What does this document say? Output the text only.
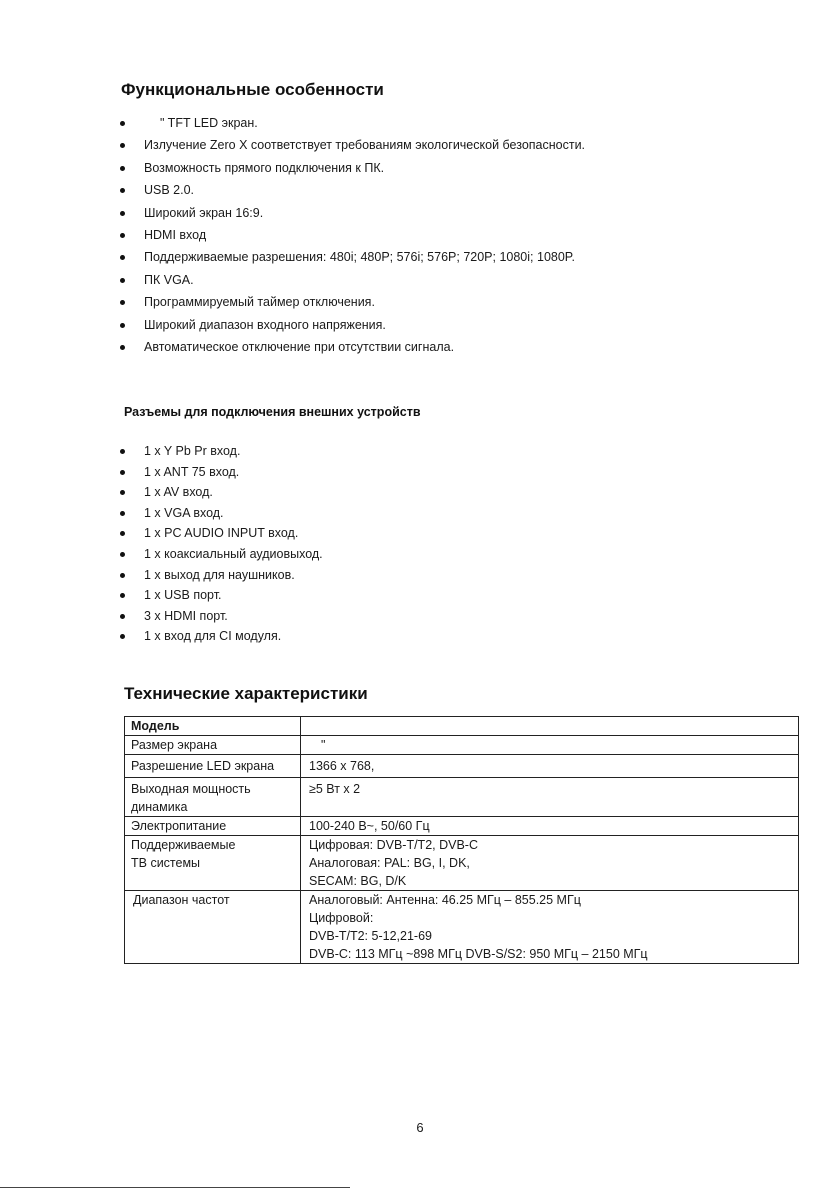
Функциональные особенности
" TFT LED экран.
Излучение Zero X соответствует требованиям экологической безопасности.
Возможность прямого подключения к ПК.
USB 2.0.
Широкий экран 16:9.
HDMI вход
Поддерживаемые разрешения: 480i; 480P; 576i; 576P; 720P; 1080i; 1080P.
ПК VGA.
Программируемый таймер отключения.
Широкий диапазон входного напряжения.
Автоматическое отключение при отсутствии сигнала.
Разъемы для подключения внешних устройств
1 x Y Pb Pr вход.
1 x ANT 75 вход.
1 x AV вход.
1 x VGA вход.
1 x PC AUDIO INPUT вход.
1 x коаксиальный аудиовыход.
1 x выход для наушников.
1 x USB порт.
3 x HDMI порт.
1 x вход для CI модуля.
Технические характеристики
Модель	
Размер экрана	"
Разрешение LED экрана	1366 x 768,

Выходная мощность
динамика	≥5 Вт х 2
Электропитание	100-240 В~, 50/60 Гц

Поддерживаемые
ТВ системы	Цифровая: DVB-T/T2, DVB-C
Аналоговая: PAL: BG, I, DK,
SECAM: BG, D/K

Диапазон частот	Аналоговый: Антенна: 46.25 МГц – 855.25 МГц
Цифровой:
DVB-T/T2: 5-12,21-69
DVB-C: 113 МГц ~898 МГц DVB-S/S2: 950 МГц – 2150 МГц
6
